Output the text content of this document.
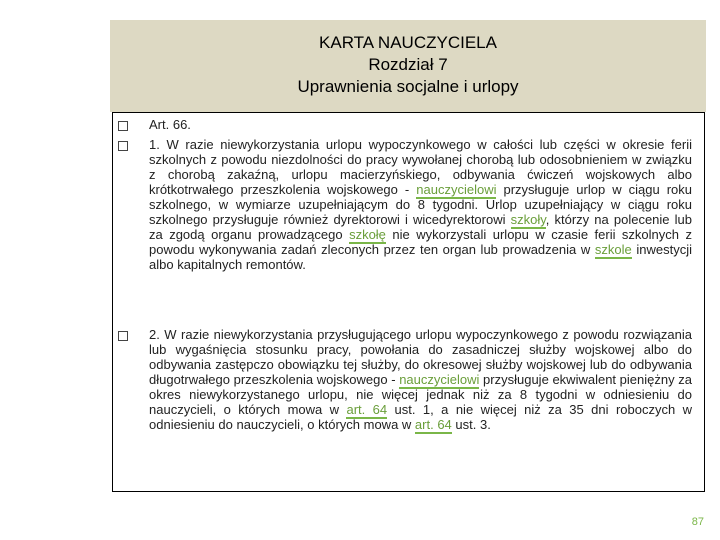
KARTA NAUCZYCIELA
Rozdział 7
Uprawnienia socjalne i urlopy
Art. 66.
1. W razie niewykorzystania urlopu wypoczynkowego w całości lub części w okresie ferii szkolnych z powodu niezdolności do pracy wywołanej chorobą lub odosobnieniem w związku z chorobą zakaźną, urlopu macierzyńskiego, odbywania ćwiczeń wojskowych albo krótkotrwałego przeszkolenia wojskowego - nauczycielowi przysługuje urlop w ciągu roku szkolnego, w wymiarze uzupełniającym do 8 tygodni. Urlop uzupełniający w ciągu roku szkolnego przysługuje również dyrektorowi i wicedyrektorowi szkoły, którzy na polecenie lub za zgodą organu prowadzącego szkołę nie wykorzystali urlopu w czasie ferii szkolnych z powodu wykonywania zadań zleconych przez ten organ lub prowadzenia w szkole inwestycji albo kapitalnych remontów.
2. W razie niewykorzystania przysługującego urlopu wypoczynkowego z powodu rozwiązania lub wygaśnięcia stosunku pracy, powołania do zasadniczej służby wojskowej albo do odbywania zastępczo obowiązku tej służby, do okresowej służby wojskowej lub do odbywania długotrwałego przeszkolenia wojskowego - nauczycielowi przysługuje ekwiwalent pieniężny za okres niewykorzystanego urlopu, nie więcej jednak niż za 8 tygodni w odniesieniu do nauczycieli, o których mowa w art. 64 ust. 1, a nie więcej niż za 35 dni roboczych w odniesieniu do nauczycieli, o których mowa w art. 64 ust. 3.
87
